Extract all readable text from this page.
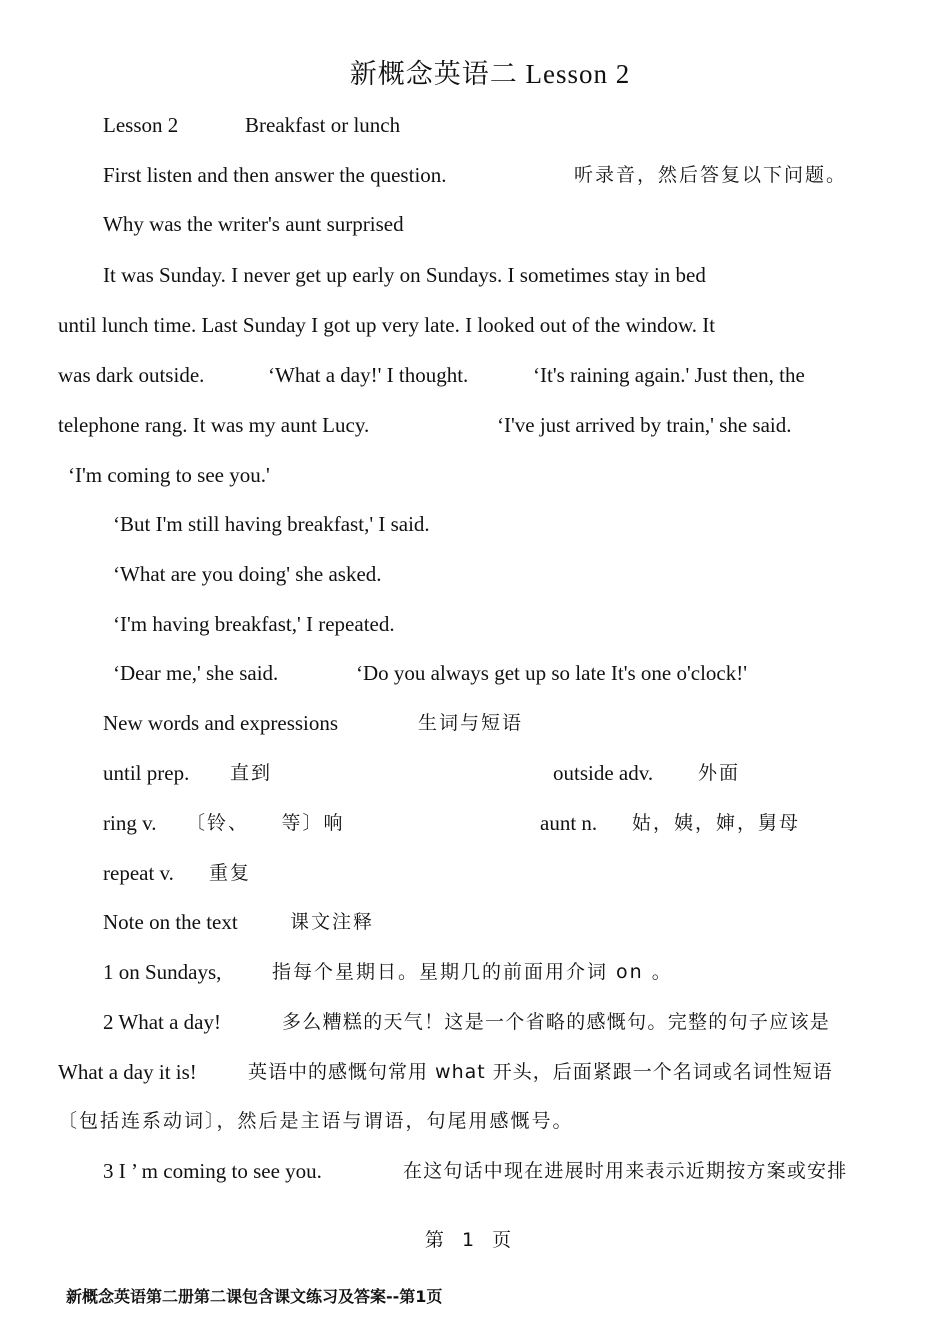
新概念英语二 Lesson 2
Lesson 2	Breakfast or lunch
First listen and then answer the question.	听录音，然后答复以下问题。
Why was the writer's aunt surprised
It was Sunday. I never get up early on Sundays. I sometimes stay in bed
until lunch time. Last Sunday I got up very late. I looked out of the window. It
was dark outside.	‘What a day!' I thought.	‘It's raining again.' Just then, the
telephone rang. It was my aunt Lucy.	‘I've just arrived by train,' she said.
‘I'm coming to see you.'
‘But I'm still having breakfast,' I said.
‘What are you doing' she asked.
‘I'm having breakfast,' I repeated.
‘Dear me,' she said.	‘Do you always get up so late It's one o'clock!'
New words and expressions	生词与短语
until prep. 直到	outside adv. 外面
ring v. 〔铃、　　等〕响	aunt n. 姑，姨，婶，舅母
repeat v. 重复
Note on the text	课文注释
1 on Sundays,	指每个星期日。星期几的前面用介词 on 。
2 What a day!	多么糟糕的天气！这是一个省略的感慨句。完整的句子应该是
What a day it is!	英语中的感慨句常用 what 开头，后面紧跟一个名词或名词性短语
〔包括连系动词〕，然后是主语与谓语，句尾用感慨号。
3 I ’ m coming to see you.	在这句话中现在进展时用来表示近期按方案或安排
第 1 页
新概念英语第二册第二课包含课文练习及答案--第1页
